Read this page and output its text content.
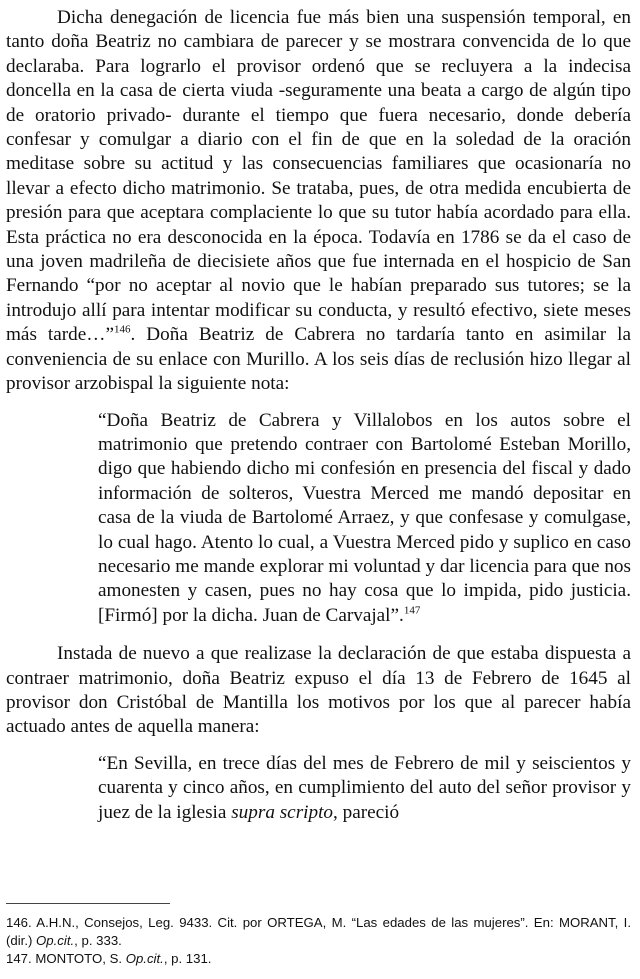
Dicha denegación de licencia fue más bien una suspensión temporal, en tanto doña Beatriz no cambiara de parecer y se mostrara convencida de lo que declaraba. Para lograrlo el provisor ordenó que se recluyera a la indecisa doncella en la casa de cierta viuda -seguramente una beata a cargo de algún tipo de oratorio privado- durante el tiempo que fuera necesario, donde debería confesar y comulgar a diario con el fin de que en la soledad de la oración meditase sobre su actitud y las consecuencias familiares que ocasionaría no llevar a efecto dicho matrimonio. Se trataba, pues, de otra medida encubierta de presión para que aceptara complaciente lo que su tutor había acordado para ella. Esta práctica no era desconocida en la época. Todavía en 1786 se da el caso de una joven madrileña de diecisiete años que fue internada en el hospicio de San Fernando “por no aceptar al novio que le habían preparado sus tutores; se la introdujo allí para intentar modificar su conducta, y resultó efectivo, siete meses más tarde…”$^{146}$. Doña Beatriz de Cabrera no tardaría tanto en asimilar la conveniencia de su enlace con Murillo. A los seis días de reclusión hizo llegar al provisor arzobispal la siguiente nota:

“Doña Beatriz de Cabrera y Villalobos en los autos sobre el matrimonio que pretendo contraer con Bartolomé Esteban Morillo, digo que habiendo dicho mi confesión en presencia del fiscal y dado información de solteros, Vuestra Merced me mandó depositar en casa de la viuda de Bartolomé Arraez, y que confesase y comulgase, lo cual hago. Atento lo cual, a Vuestra Merced pido y suplico en caso necesario me mande explorar mi voluntad y dar licencia para que nos amonesten y casen, pues no hay cosa que lo impida, pido justicia. [Firmó] por la dicha. Juan de Carvajal”.$^{147}$

Instada de nuevo a que realizase la declaración de que estaba dispuesta a contraer matrimonio, doña Beatriz expuso el día 13 de Febrero de 1645 al provisor don Cristóbal de Mantilla los motivos por los que al parecer había actuado antes de aquella manera:

“En Sevilla, en trece días del mes de Febrero de mil y seiscientos y cuarenta y cinco años, en cumplimiento del auto del señor provisor y juez de la iglesia supra scripto, pareció

146. A.H.N., Consejos, Leg. 9433. Cit. por ORTEGA, M. “Las edades de las mujeres”. En: MORANT, I. (dir.) Op.cit., p. 333.

147. MONTOTO, S. Op.cit., p. 131.
